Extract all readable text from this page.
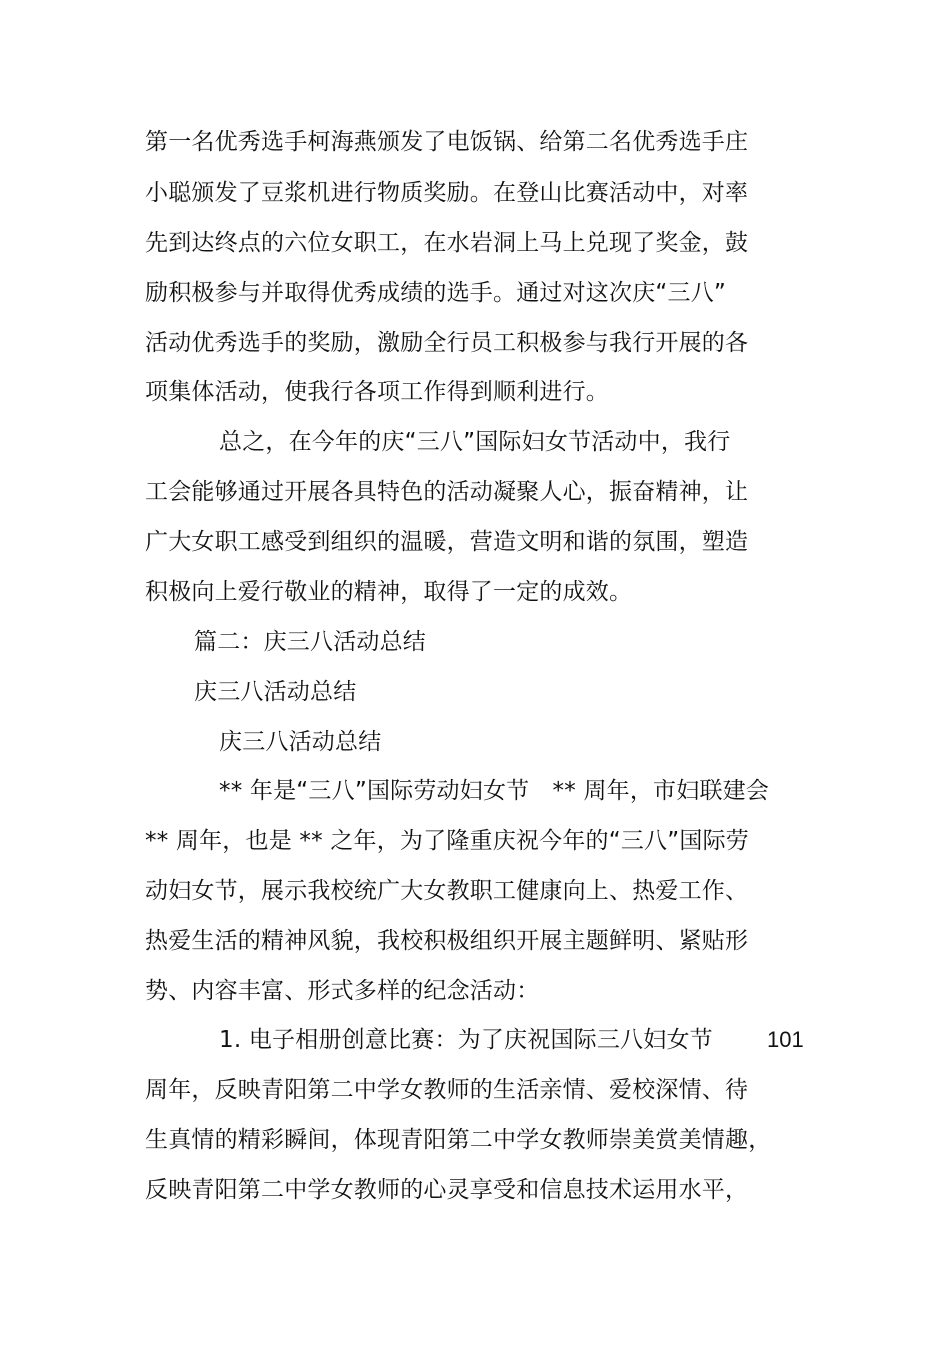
第一名优秀选手柯海燕颁发了电饭锅、给第二名优秀选手庄
小聪颁发了豆浆机进行物质奖励。在登山比赛活动中，对率
先到达终点的六位女职工，在水岩洞上马上兑现了奖金，鼓
励积极参与并取得优秀成绩的选手。通过对这次庆“三八”
活动优秀选手的奖励，激励全行员工积极参与我行开展的各
项集体活动，使我行各项工作得到顺利进行。
总之，在今年的庆“三八”国际妇女节活动中，我行
工会能够通过开展各具特色的活动凝聚人心，振奋精神，让
广大女职工感受到组织的温暖，营造文明和谐的氛围，塑造
积极向上爱行敬业的精神，取得了一定的成效。
篇二：庆三八活动总结
庆三八活动总结
庆三八活动总结
** 年是“三八”国际劳动妇女节　** 周年，市妇联建会
** 周年，也是 ** 之年，为了隆重庆祝今年的“三八”国际劳
动妇女节，展示我校统广大女教职工健康向上、热爱工作、
热爱生活的精神风貌，我校积极组织开展主题鲜明、紧贴形
势、内容丰富、形式多样的纪念活动：
1. 电子相册创意比赛：为了庆祝国际三八妇女节 101
周年，反映青阳第二中学女教师的生活亲情、爱校深情、待
生真情的精彩瞬间，体现青阳第二中学女教师崇美赏美情趣，
反映青阳第二中学女教师的心灵享受和信息技术运用水平，
